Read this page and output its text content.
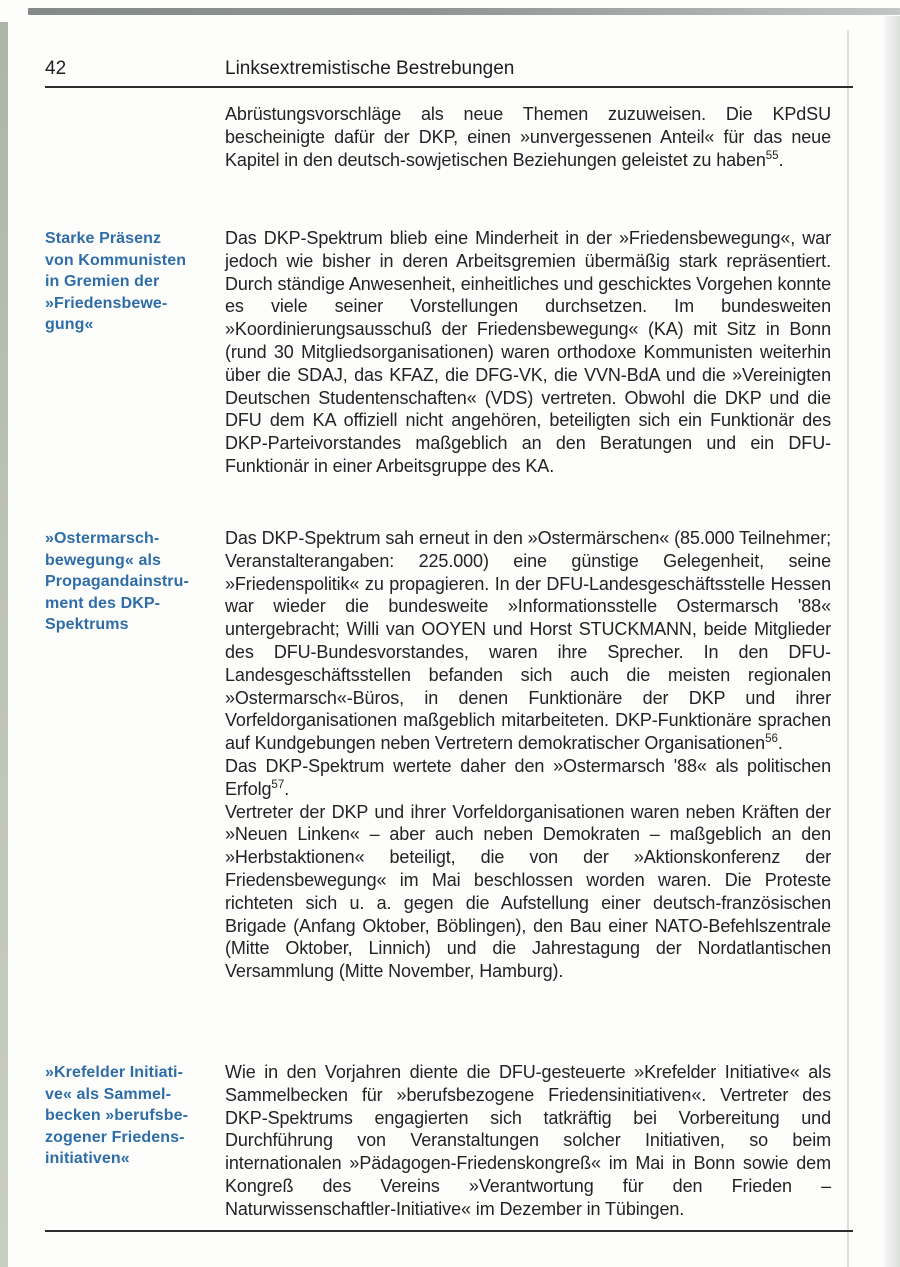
42	Linksextremistische Bestrebungen

Abrüstungsvorschläge als neue Themen zuzuweisen. Die KPdSU bescheinigte dafür der DKP, einen »unvergessenen Anteil« für das neue Kapitel in den deutsch-sowjetischen Beziehungen geleistet zu haben$^{55}$.

Starke Präsenz
von Kommunisten
in Gremien der
»Friedensbewe-
gung«

Das DKP-Spektrum blieb eine Minderheit in der »Friedensbewegung«, war jedoch wie bisher in deren Arbeitsgremien übermäßig stark repräsentiert. Durch ständige Anwesenheit, einheitliches und geschicktes Vorgehen konnte es viele seiner Vorstellungen durchsetzen. Im bundesweiten »Koordinierungsausschuß der Friedensbewegung« (KA) mit Sitz in Bonn (rund 30 Mitgliedsorganisationen) waren orthodoxe Kommunisten weiterhin über die SDAJ, das KFAZ, die DFG-VK, die VVN-BdA und die »Vereinigten Deutschen Studentenschaften« (VDS) vertreten. Obwohl die DKP und die DFU dem KA offiziell nicht angehören, beteiligten sich ein Funktionär des DKP-Parteivorstandes maßgeblich an den Beratungen und ein DFU-Funktionär in einer Arbeitsgruppe des KA.

»Ostermarsch-
bewegung« als
Propagandainstru-
ment des DKP-
Spektrums

Das DKP-Spektrum sah erneut in den »Ostermärschen« (85.000 Teilnehmer; Veranstalterangaben: 225.000) eine günstige Gelegenheit, seine »Friedenspolitik« zu propagieren. In der DFU-Landesgeschäftsstelle Hessen war wieder die bundesweite »Informationsstelle Ostermarsch '88« untergebracht; Willi van OOYEN und Horst STUCKMANN, beide Mitglieder des DFU-Bundesvorstandes, waren ihre Sprecher. In den DFU-Landesgeschäftsstellen befanden sich auch die meisten regionalen »Ostermarsch«-Büros, in denen Funktionäre der DKP und ihrer Vorfeldorganisationen maßgeblich mitarbeiteten. DKP-Funktionäre sprachen auf Kundgebungen neben Vertretern demokratischer Organisationen$^{56}$.

Das DKP-Spektrum wertete daher den »Ostermarsch '88« als politischen Erfolg$^{57}$.

Vertreter der DKP und ihrer Vorfeldorganisationen waren neben Kräften der »Neuen Linken« – aber auch neben Demokraten – maßgeblich an den »Herbstaktionen« beteiligt, die von der »Aktionskonferenz der Friedensbewegung« im Mai beschlossen worden waren. Die Proteste richteten sich u. a. gegen die Aufstellung einer deutsch-französischen Brigade (Anfang Oktober, Böblingen), den Bau einer NATO-Befehlszentrale (Mitte Oktober, Linnich) und die Jahrestagung der Nordatlantischen Versammlung (Mitte November, Hamburg).

»Krefelder Initiati-
ve« als Sammel-
becken »berufsbe-
zogener Friedens-
initiativen«

Wie in den Vorjahren diente die DFU-gesteuerte »Krefelder Initiative« als Sammelbecken für »berufsbezogene Friedensinitiativen«. Vertreter des DKP-Spektrums engagierten sich tatkräftig bei Vorbereitung und Durchführung von Veranstaltungen solcher Initiativen, so beim internationalen »Pädagogen-Friedenskongreß« im Mai in Bonn sowie dem Kongreß des Vereins »Verantwortung für den Frieden – Naturwissenschaftler-Initiative« im Dezember in Tübingen.
